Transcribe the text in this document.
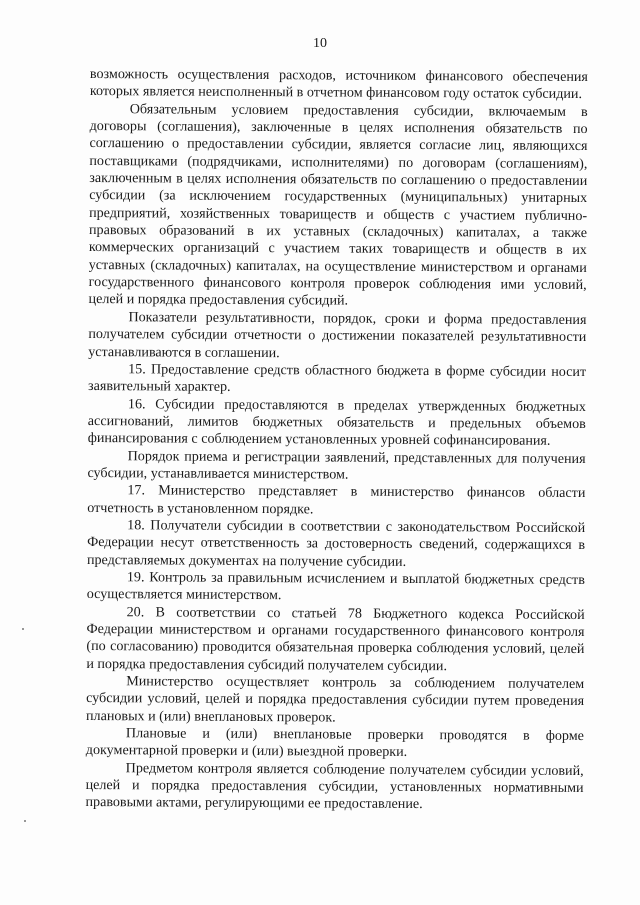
10

возможность осуществления расходов, источником финансового обеспечения которых является неисполненный в отчетном финансовом году остаток субсидии.

Обязательным условием предоставления субсидии, включаемым в договоры (соглашения), заключенные в целях исполнения обязательств по соглашению о предоставлении субсидии, является согласие лиц, являющихся поставщиками (подрядчиками, исполнителями) по договорам (соглашениям), заключенным в целях исполнения обязательств по соглашению о предоставлении субсидии (за исключением государственных (муниципальных) унитарных предприятий, хозяйственных товариществ и обществ с участием публично-правовых образований в их уставных (складочных) капиталах, а также коммерческих организаций с участием таких товариществ и обществ в их уставных (складочных) капиталах, на осуществление министерством и органами государственного финансового контроля проверок соблюдения ими условий, целей и порядка предоставления субсидий.

Показатели результативности, порядок, сроки и форма предоставления получателем субсидии отчетности о достижении показателей результативности устанавливаются в соглашении.

15. Предоставление средств областного бюджета в форме субсидии носит заявительный характер.

16. Субсидии предоставляются в пределах утвержденных бюджетных ассигнований, лимитов бюджетных обязательств и предельных объемов финансирования с соблюдением установленных уровней софинансирования.

Порядок приема и регистрации заявлений, представленных для получения субсидии, устанавливается министерством.

17. Министерство представляет в министерство финансов области отчетность в установленном порядке.

18. Получатели субсидии в соответствии с законодательством Российской Федерации несут ответственность за достоверность сведений, содержащихся в представляемых документах на получение субсидии.

19. Контроль за правильным исчислением и выплатой бюджетных средств осуществляется министерством.

20. В соответствии со статьей 78 Бюджетного кодекса Российской Федерации министерством и органами государственного финансового контроля (по согласованию) проводится обязательная проверка соблюдения условий, целей и порядка предоставления субсидий получателем субсидии.

Министерство осуществляет контроль за соблюдением получателем субсидии условий, целей и порядка предоставления субсидии путем проведения плановых и (или) внеплановых проверок.

Плановые и (или) внеплановые проверки проводятся в форме документарной проверки и (или) выездной проверки.

Предметом контроля является соблюдение получателем субсидии условий, целей и порядка предоставления субсидии, установленных нормативными правовыми актами, регулирующими ее предоставление.
